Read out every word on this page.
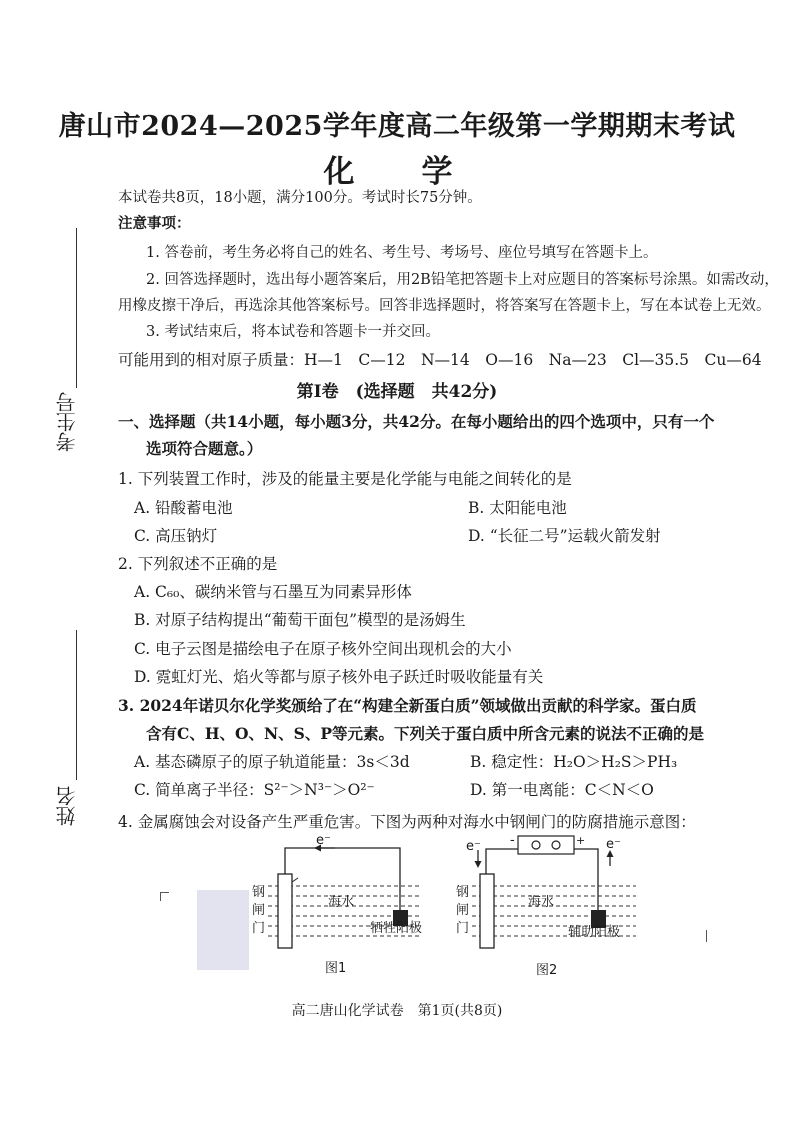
唐山市2024—2025学年度高二年级第一学期期末考试
化　学
本试卷共8页，18小题，满分100分。考试时长75分钟。
注意事项：
1. 答卷前，考生务必将自己的姓名、考生号、考场号、座位号填写在答题卡上。
2. 回答选择题时，选出每小题答案后，用2B铅笔把答题卡上对应题目的答案标号涂黑。如需改动，
用橡皮擦干净后，再选涂其他答案标号。回答非选择题时，将答案写在答题卡上，写在本试卷上无效。
3. 考试结束后，将本试卷和答题卡一并交回。
可能用到的相对原子质量：H—1　C—12　N—14　O—16　Na—23　Cl—35.5　Cu—64
第Ⅰ卷　(选择题　共42分)
一、选择题（共14小题，每小题3分，共42分。在每小题给出的四个选项中，只有一个
选项符合题意。）
1. 下列装置工作时，涉及的能量主要是化学能与电能之间转化的是
A. 铅酸蓄电池	B. 太阳能电池
C. 高压钠灯	D. “长征二号”运载火箭发射
2. 下列叙述不正确的是
A. C₆₀、碳纳米管与石墨互为同素异形体
B. 对原子结构提出“葡萄干面包”模型的是汤姆生
C. 电子云图是描绘电子在原子核外空间出现机会的大小
D. 霓虹灯光、焰火等都与原子核外电子跃迁时吸收能量有关
3. 2024年诺贝尔化学奖颁给了在“构建全新蛋白质”领域做出贡献的科学家。蛋白质
含有C、H、O、N、S、P等元素。下列关于蛋白质中所含元素的说法不正确的是
A. 基态磷原子的原子轨道能量：3s＜3d	B. 稳定性：H₂O＞H₂S＞PH₃
C. 简单离子半径：S²⁻＞N³⁻＞O²⁻	D. 第一电离能：C＜N＜O
4. 金属腐蚀会对设备产生严重危害。下图为两种对海水中钢闸门的防腐措施示意图：
考生号
姓名
e⁻
钢
闸
门
海水
牺牲阳极
图1
-	+
e⁻	e⁻
钢
闸
门
海水
辅助阳极
图2
高二唐山化学试卷　第1页(共8页)
